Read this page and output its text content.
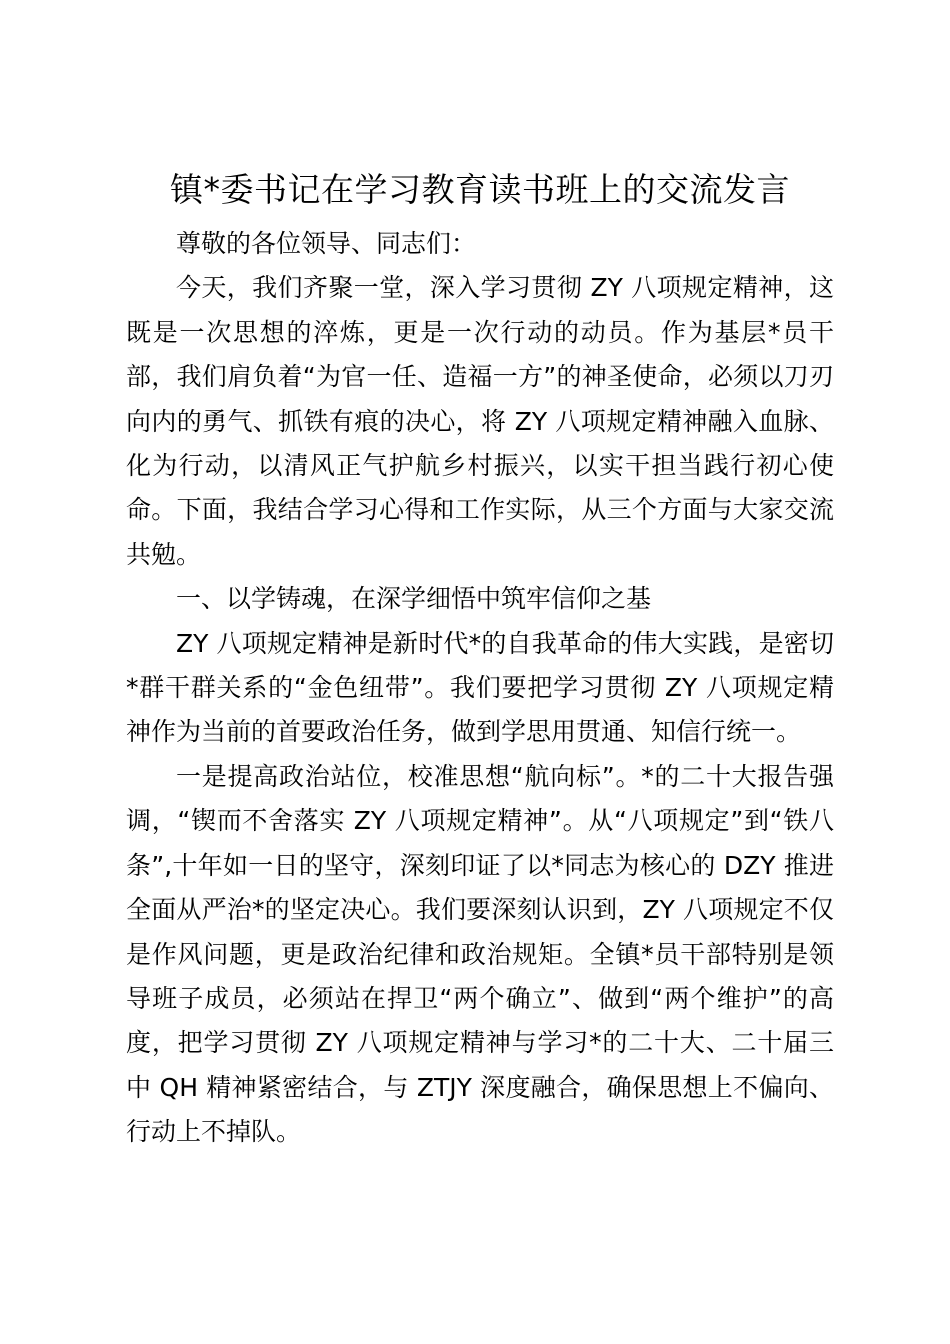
镇*委书记在学习教育读书班上的交流发言

尊敬的各位领导、同志们：

今天，我们齐聚一堂，深入学习贯彻 ZY 八项规定精神，这既是一次思想的淬炼，更是一次行动的动员。作为基层*员干部，我们肩负着“为官一任、造福一方”的神圣使命，必须以刀刃向内的勇气、抓铁有痕的决心，将 ZY 八项规定精神融入血脉、化为行动，以清风正气护航乡村振兴，以实干担当践行初心使命。下面，我结合学习心得和工作实际，从三个方面与大家交流共勉。

一、以学铸魂，在深学细悟中筑牢信仰之基

ZY 八项规定精神是新时代*的自我革命的伟大实践，是密切*群干群关系的“金色纽带”。我们要把学习贯彻 ZY 八项规定精神作为当前的首要政治任务，做到学思用贯通、知信行统一。

一是提高政治站位，校准思想“航向标”。*的二十大报告强调，“锲而不舍落实 ZY 八项规定精神”。从“八项规定”到“铁八条”,十年如一日的坚守，深刻印证了以*同志为核心的 DZY 推进全面从严治*的坚定决心。我们要深刻认识到，ZY 八项规定不仅是作风问题，更是政治纪律和政治规矩。全镇*员干部特别是领导班子成员，必须站在捍卫“两个确立”、做到“两个维护”的高度，把学习贯彻 ZY 八项规定精神与学习*的二十大、二十届三中 QH 精神紧密结合，与 ZTJY 深度融合，确保思想上不偏向、行动上不掉队。
